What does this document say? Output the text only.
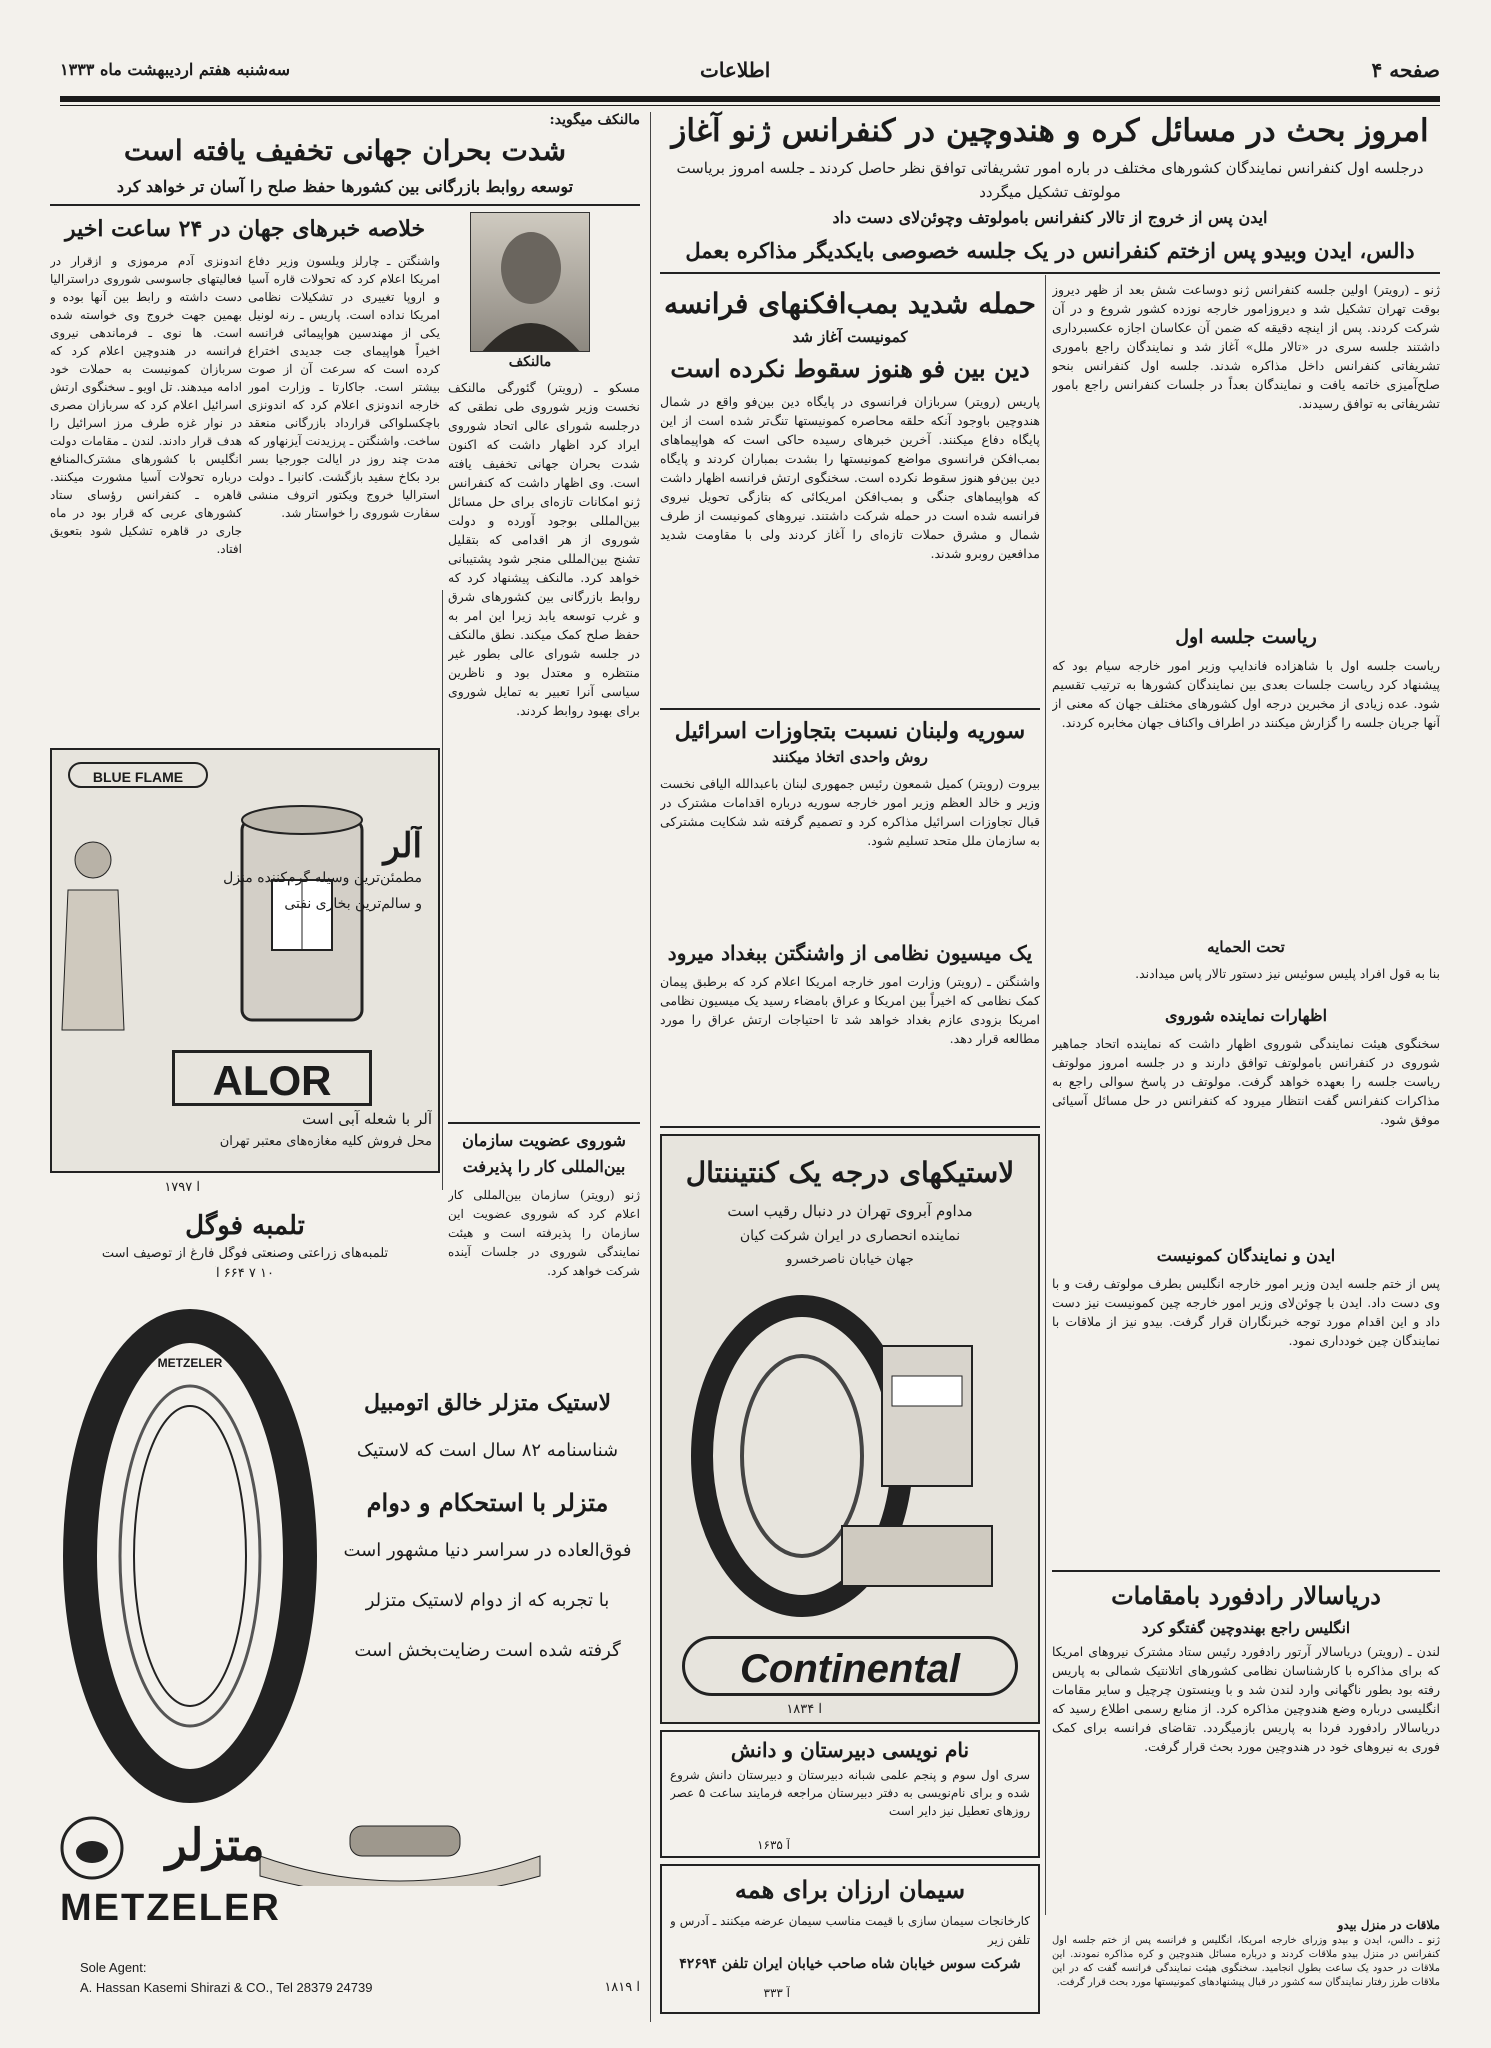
صفحه ۴
اطلاعات
سه‌شنبه هفتم اردیبهشت ماه ۱۳۳۳
امروز بحث در مسائل کره و هندوچین در کنفرانس ژنو آغاز
درجلسه اول کنفرانس نمایندگان کشورهای مختلف در باره امور تشریفاتی توافق نظر حاصل کردند ـ جلسه امروز بریاست مولوتف تشکیل میگردد
ایدن پس از خروج از تالار کنفرانس بامولوتف وچوئن‌لای دست داد
دالس، ایدن وبیدو پس ازختم کنفرانس در یک جلسه خصوصی بایکدیگر مذاکره بعمل
ژنو ـ (رویتر) اولین جلسه کنفرانس ژنو دوساعت شش بعد از ظهر دیروز بوقت تهران تشکیل شد و دیروزامور خارجه نوزده کشور شروع و در آن شرکت کردند. پس از اینچه دقیقه که ضمن آن عکاسان اجازه عکسبرداری داشتند جلسه سری در «تالار ملل» آغاز شد و نمایندگان راجع باموری تشریفاتی کنفرانس داخل مذاکره شدند. جلسه اول کنفرانس بنحو صلح‌آمیزی خاتمه یافت و نمایندگان بعداً در جلسات کنفرانس راجع بامور تشریفاتی به توافق رسیدند.
ریاست جلسه اول
ریاست جلسه اول با شاهزاده فاندایپ وزیر امور خارجه سیام بود که پیشنهاد کرد ریاست جلسات بعدی بین نمایندگان کشورها به ترتیب تقسیم شود. عده زیادی از مخبرین درجه اول کشورهای مختلف جهان که معنی از آنها جریان جلسه را گزارش میکنند در اطراف واکناف جهان مخابره کردند.
تحت الحمایه
بنا به قول افراد پلیس سوئیس نیز دستور تالار پاس میدادند.
اظهارات نماینده شوروی
سخنگوی هیئت نمایندگی شوروی اظهار داشت که نماینده اتحاد جماهیر شوروی در کنفرانس بامولوتف توافق دارند و در جلسه امروز مولوتف ریاست جلسه را بعهده خواهد گرفت. مولوتف در پاسخ سوالی راجع به مذاکرات کنفرانس گفت انتظار میرود که کنفرانس در حل مسائل آسیائی موفق شود.
ایدن و نمایندگان کمونیست
پس از ختم جلسه ایدن وزیر امور خارجه انگلیس بطرف مولوتف رفت و با وی دست داد. ایدن با چوئن‌لای وزیر امور خارجه چین کمونیست نیز دست داد و این اقدام مورد توجه خبرنگاران قرار گرفت. بیدو نیز از ملاقات با نمایندگان چین خودداری نمود.
دریاسالار رادفورد بامقامات
انگلیس راجع بهندوچین گفتگو کرد
لندن ـ (رویتر) دریاسالار آرتور رادفورد رئیس ستاد مشترک نیروهای امریکا که برای مذاکره با کارشناسان نظامی کشورهای اتلانتیک شمالی به پاریس رفته بود بطور ناگهانی وارد لندن شد و با وینستون چرچیل و سایر مقامات انگلیسی درباره وضع هندوچین مذاکره کرد. از منابع رسمی اطلاع رسید که دریاسالار رادفورد فردا به پاریس بازمیگردد. تقاضای فرانسه برای کمک فوری به نیروهای خود در هندوچین مورد بحث قرار گرفت.
حمله شدید بمب‌افکنهای فرانسه
کمونیست آغاز شد
دین بین فو هنوز سقوط نکرده است
پاریس (رویتر) سربازان فرانسوی در پایگاه دین بین‌فو واقع در شمال هندوچین باوجود آنکه حلقه محاصره کمونیستها تنگ‌تر شده است از این پایگاه دفاع میکنند. آخرین خبرهای رسیده حاکی است که هواپیماهای بمب‌افکن فرانسوی مواضع کمونیستها را بشدت بمباران کردند و پایگاه دین بین‌فو هنوز سقوط نکرده است. سخنگوی ارتش فرانسه اظهار داشت که هواپیماهای جنگی و بمب‌افکن امریکائی که بتازگی تحویل نیروی فرانسه شده است در حمله شرکت داشتند. نیروهای کمونیست از طرف شمال و مشرق حملات تازه‌ای را آغاز کردند ولی با مقاومت شدید مدافعین روبرو شدند.
سوریه ولبنان نسبت بتجاوزات اسرائیل
روش واحدی اتخاذ میکنند
بیروت (رویتر) کمیل شمعون رئیس جمهوری لبنان باعبدالله الیافی نخست وزیر و خالد العظم وزیر امور خارجه سوریه درباره اقدامات مشترک در قبال تجاوزات اسرائیل مذاکره کرد و تصمیم گرفته شد شکایت مشترکی به سازمان ملل متحد تسلیم شود.
یک میسیون نظامی از واشنگتن ببغداد میرود
واشنگتن ـ (رویتر) وزارت امور خارجه امریکا اعلام کرد که برطبق پیمان کمک نظامی که اخیراً بین امریکا و عراق بامضاء رسید یک میسیون نظامی امریکا بزودی عازم بغداد خواهد شد تا احتیاجات ارتش عراق را مورد مطالعه قرار دهد.
لاستیکهای درجه یک کنتیننتال
مداوم آبروی تهران در دنبال رقیب است
نماینده انحصاری در ایران شرکت کیان
جهان خیابان ناصرخسرو
Continental
آ ۱۸۳۴
نام نویسی دبیرستان و دانش
سری اول سوم و پنجم علمی شبانه دبیرستان و دبیرستان دانش شروع شده و برای نام‌نویسی به دفتر دبیرستان مراجعه فرمایند ساعت ۵ عصر روزهای تعطیل نیز دایر است
آ ۱۶۳۵
سیمان ارزان برای همه
کارخانجات سیمان سازی با قیمت مناسب سیمان عرضه میکنند ـ آدرس و تلفن زیر
شرکت سوس خیابان شاه صاحب خیابان ایران تلفن ۴۲۶۹۴
آ ۳۳۳
مالنکف میگوید:
شدت بحران جهانی تخفیف یافته است
توسعه روابط بازرگانی بین کشورها حفظ صلح را آسان تر خواهد کرد
مالنکف
مسکو ـ (رویتر) گئورگی مالنکف نخست وزیر شوروی طی نطقی که درجلسه شورای عالی اتحاد شوروی ایراد کرد اظهار داشت که اکنون شدت بحران جهانی تخفیف یافته است. وی اظهار داشت که کنفرانس ژنو امکانات تازه‌ای برای حل مسائل بین‌المللی بوجود آورده و دولت شوروی از هر اقدامی که بتقلیل تشنج بین‌المللی منجر شود پشتیبانی خواهد کرد. مالنکف پیشنهاد کرد که روابط بازرگانی بین کشورهای شرق و غرب توسعه یابد زیرا این امر به حفظ صلح کمک میکند. نطق مالنکف در جلسه شورای عالی بطور غیر منتظره و معتدل بود و ناظرین سیاسی آنرا تعبیر به تمایل شوروی برای بهبود روابط کردند.
شوروی عضویت سازمان بین‌المللی کار را پذیرفت
ژنو (رویتر) سازمان بین‌المللی کار اعلام کرد که شوروی عضویت این سازمان را پذیرفته است و هیئت نمایندگی شوروی در جلسات آینده شرکت خواهد کرد.
خلاصه خبرهای جهان در ۲۴ ساعت اخیر
واشنگتن ـ چارلز ویلسون وزیر دفاع امریکا اعلام کرد که تحولات قاره آسیا و اروپا تغییری در تشکیلات نظامی امریکا نداده است. پاریس ـ رنه لونیل یکی از مهندسین هواپیمائی فرانسه اخیراً هواپیمای جت جدیدی اختراع کرده است که سرعت آن از صوت بیشتر است. جاکارتا ـ وزارت امور خارجه اندونزی اعلام کرد که اندونزی باچکسلواکی قرارداد بازرگانی منعقد ساخت. واشنگتن ـ پرزیدنت آیزنهاور که مدت چند روز در ایالت جورجیا بسر برد بکاخ سفید بازگشت. کانبرا ـ دولت استرالیا خروج ویکتور اتروف منشی سفارت شوروی را خواستار شد.
اندونزی آدم مرموزی و ازقرار در فعالیتهای جاسوسی شوروی دراستراليا دست داشته و رابط بین آنها بوده و بهمین جهت خروج وی خواسته شده است. ها نوی ـ فرماندهی نیروی فرانسه در هندوچین اعلام کرد که سربازان کمونیست به حملات خود ادامه میدهند. تل اویو ـ سخنگوی ارتش اسرائیل اعلام کرد که سربازان مصری در نوار غزه طرف مرز اسرائیل را هدف قرار دادند. لندن ـ مقامات دولت انگلیس با کشورهای مشترک‌المنافع درباره تحولات آسیا مشورت میکنند. قاهره ـ کنفرانس رؤسای ستاد کشورهای عربی که قرار بود در ماه جاری در قاهره تشکیل شود بتعویق افتاد.
BLUE FLAME
آلر
مطمئن‌ترین وسیله گرم‌کننده منزل
و سالم‌ترین بخاری نفتی
ALOR
آلر با شعله آبی است
محل فروش کلیه مغازه‌های معتبر تهران
آ ۱۷۹۷
تلمبه فوگل
تلمبه‌های زراعتی وصنعتی فوگل فارغ از توصیف است
۱۰ ۷ ۶۶۴ آ
METZELER
لاستیک متزلر خالق اتومبیل
شناسنامه ۸۲ سال است که لاستیک
متزلر با استحکام و دوام
فوق‌العاده در سراسر دنیا مشهور است
با تجربه که از دوام لاستیک متزلر
گرفته شده است رضایت‌بخش است
متزلر
METZELER
Sole Agent:
A. Hassan Kasemi Shirazi & CO., Tel 28379 24739	آ ۱۸۱۹
ملاقات در منزل بیدو
ژنو ـ دالس، ایدن و بیدو وزرای خارجه امریکا، انگلیس و فرانسه پس از ختم جلسه اول کنفرانس در منزل بیدو ملاقات کردند و درباره مسائل هندوچین و کره مذاکره نمودند. این ملاقات در حدود یک ساعت بطول انجامید. سخنگوی هیئت نمایندگی فرانسه گفت که در این ملاقات طرز رفتار نمایندگان سه کشور در قبال پیشنهادهای کمونیستها مورد بحث قرار گرفت.
